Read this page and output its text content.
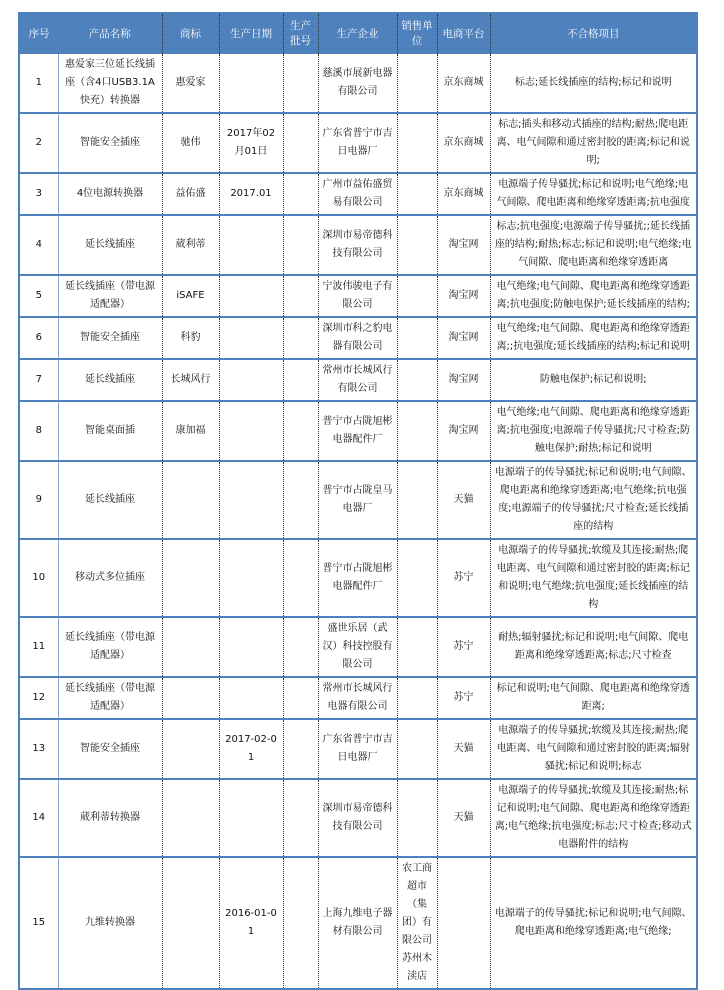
序号	产品名称	商标	生产日期	生产批号	生产企业	销售单位	电商平台	不合格项目
1	惠爱家三位延长线插座（含4口USB3.1A快充）转换器	惠爱家			慈溪市展新电器有限公司		京东商城	标志;延长线插座的结构;标记和说明
2	智能安全插座	驰伟	2017年02月01日		广东省普宁市吉日电器厂		京东商城	标志;插头和移动式插座的结构;耐热;爬电距离、电气间隙和通过密封胶的距离;标记和说明;
3	4位电源转换器	益佑盛	2017.01		广州市益佑盛贸易有限公司		京东商城	电源端子传导骚扰;标记和说明;电气绝缘;电气间隙、爬电距离和绝缘穿透距离;抗电强度
4	延长线插座	葳利蒂			深圳市易帝德科技有限公司		淘宝网	标志;抗电强度;电源端子传导骚扰;;延长线插座的结构;耐热;标志;标记和说明;电气绝缘;电气间隙、爬电距离和绝缘穿透距离
5	延长线插座（带电源适配器）	iSAFE			宁波伟骏电子有限公司		淘宝网	电气绝缘;电气间隙、爬电距离和绝缘穿透距离;抗电强度;防触电保护;延长线插座的结构;
6	智能安全插座	科豹			深圳市科之豹电器有限公司		淘宝网	电气绝缘;电气间隙、爬电距离和绝缘穿透距离;;抗电强度;延长线插座的结构;标记和说明
7	延长线插座	长城风行			常州市长城风行有限公司		淘宝网	防触电保护;标记和说明;
8	智能桌面插	康加福			普宁市占陇旭彬电器配件厂		淘宝网	电气绝缘;电气间隙、爬电距离和绝缘穿透距离;抗电强度;电源端子传导骚扰;尺寸检查;防触电保护;耐热;标记和说明
9	延长线插座				普宁市占陇皇马电器厂		天猫	电源端子的传导骚扰;标记和说明;电气间隙、爬电距离和绝缘穿透距离;电气绝缘;抗电强度;电源端子的传导骚扰;尺寸检查;延长线插座的结构
10	移动式多位插座				普宁市占陇旭彬电器配件厂		苏宁	电源端子的传导骚扰;软缆及其连接;耐热;爬电距离、电气间隙和通过密封胶的距离;标记和说明;电气绝缘;抗电强度;延长线插座的结构
11	延长线插座（带电源适配器）				盛世乐居（武汉）科技控股有限公司		苏宁	耐热;辐射骚扰;标记和说明;电气间隙、爬电距离和绝缘穿透距离;标志;尺寸检查
12	延长线插座（带电源适配器）				常州市长城风行电器有限公司		苏宁	标记和说明;电气间隙、爬电距离和绝缘穿透距离;
13	智能安全插座		2017-02-01		广东省普宁市吉日电器厂		天猫	电源端子的传导骚扰;软缆及其连接;耐热;爬电距离、电气间隙和通过密封胶的距离;辐射骚扰;标记和说明;标志
14	葳利蒂转换器				深圳市易帝德科技有限公司		天猫	电源端子的传导骚扰;软缆及其连接;耐热;标记和说明;电气间隙、爬电距离和绝缘穿透距离;电气绝缘;抗电强度;标志;尺寸检查;移动式电器附件的结构
15	九维转换器		2016-01-01		上海九维电子器材有限公司	农工商超市（集团）有限公司苏州木渎店		电源端子的传导骚扰;标记和说明;电气间隙、爬电距离和绝缘穿透距离;电气绝缘;
